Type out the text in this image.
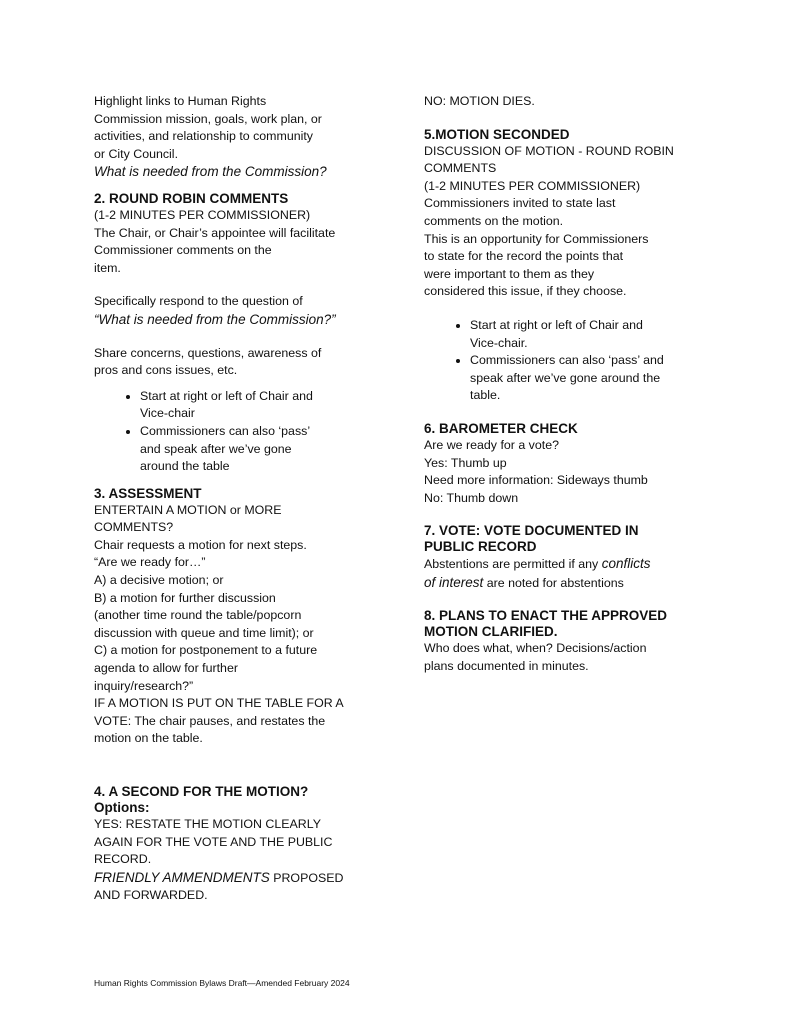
Highlight links to Human Rights

Commission mission, goals, work plan, or

activities, and relationship to community

or City Council.

What is needed from the Commission?

2. ROUND ROBIN COMMENTS

(1-2 MINUTES PER COMMISSIONER)

The Chair, or Chair’s appointee will facilitate

Commissioner comments on the

item.

Specifically respond to the question of

“What is needed from the Commission?”

Share concerns, questions, awareness of

pros and cons issues, etc.

• Start at right or left of Chair and Vice-chair
• Commissioners can also ‘pass’ and speak after we’ve gone around the table

3. ASSESSMENT

ENTERTAIN A MOTION or MORE

COMMENTS?

Chair requests a motion for next steps.

“Are we ready for…”

A) a decisive motion; or

B) a motion for further discussion

(another time round the table/popcorn

discussion with queue and time limit); or

C) a motion for postponement to a future

agenda to allow for further

inquiry/research?”

IF A MOTION IS PUT ON THE TABLE FOR A

VOTE: The chair pauses, and restates the

motion on the table.

4. A SECOND FOR THE MOTION?

Options:

YES: RESTATE THE MOTION CLEARLY

AGAIN FOR THE VOTE AND THE PUBLIC

RECORD.

FRIENDLY AMMENDMENTS PROPOSED

AND FORWARDED.

NO: MOTION DIES.

5.MOTION SECONDED

DISCUSSION OF MOTION - ROUND ROBIN

COMMENTS

(1-2 MINUTES PER COMMISSIONER)

Commissioners invited to state last

comments on the motion.

This is an opportunity for Commissioners

to state for the record the points that

were important to them as they

considered this issue, if they choose.

• Start at right or left of Chair and Vice-chair.
• Commissioners can also ‘pass’ and speak after we’ve gone around the table.

6. BAROMETER CHECK

Are we ready for a vote?

Yes: Thumb up

Need more information: Sideways thumb

No: Thumb down

7. VOTE: VOTE DOCUMENTED IN

PUBLIC RECORD

Abstentions are permitted if any conflicts

of interest are noted for abstentions

8. PLANS TO ENACT THE APPROVED

MOTION CLARIFIED.

Who does what, when? Decisions/action

plans documented in minutes.

Human Rights Commission Bylaws Draft—Amended February 2024
